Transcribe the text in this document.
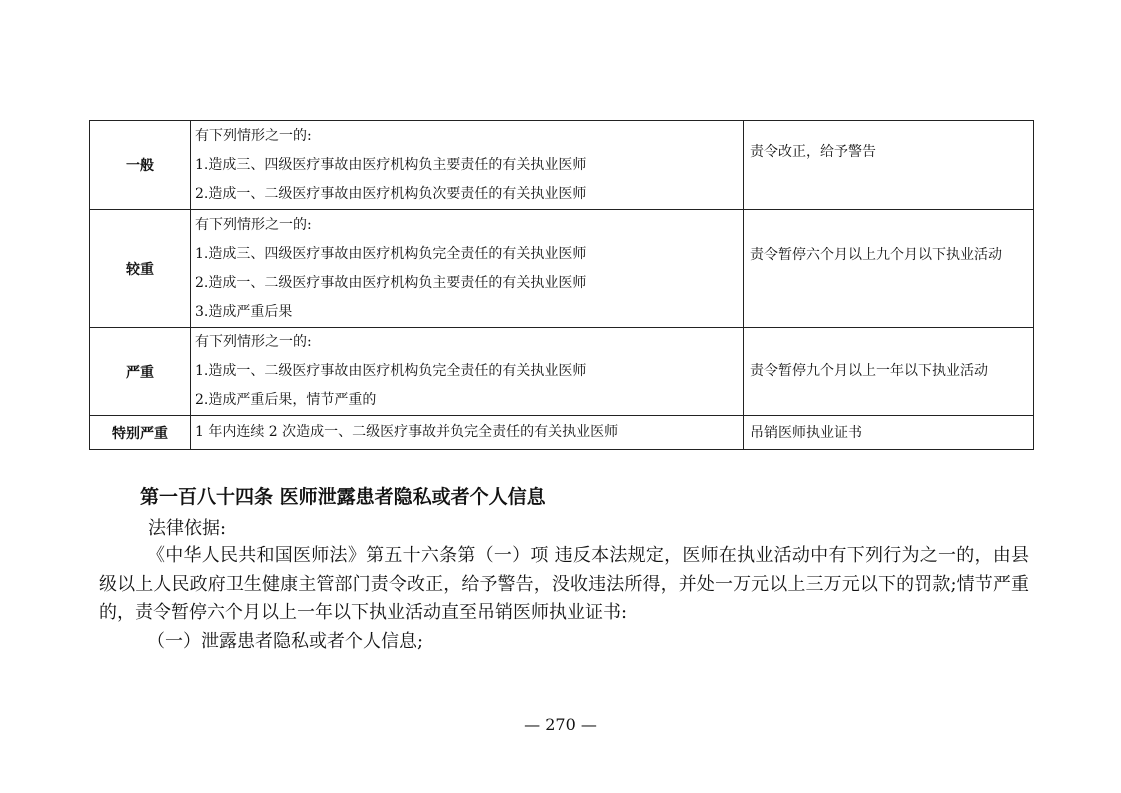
一般	有下列情形之一的:
1.造成三、四级医疗事故由医疗机构负主要责任的有关执业医师
2.造成一、二级医疗事故由医疗机构负次要责任的有关执业医师	责令改正，给予警告
较重	有下列情形之一的:
1.造成三、四级医疗事故由医疗机构负完全责任的有关执业医师
2.造成一、二级医疗事故由医疗机构负主要责任的有关执业医师
3.造成严重后果	责令暂停六个月以上九个月以下执业活动
严重	有下列情形之一的:
1.造成一、二级医疗事故由医疗机构负完全责任的有关执业医师
2.造成严重后果，情节严重的	责令暂停九个月以上一年以下执业活动
特别严重	1 年内连续 2 次造成一、二级医疗事故并负完全责任的有关执业医师	吊销医师执业证书
第一百八十四条 医师泄露患者隐私或者个人信息
法律依据:
《中华人民共和国医师法》第五十六条第（一）项 违反本法规定，医师在执业活动中有下列行为之一的，由县级以上人民政府卫生健康主管部门责令改正，给予警告，没收违法所得，并处一万元以上三万元以下的罚款;情节严重的，责令暂停六个月以上一年以下执业活动直至吊销医师执业证书:
（一）泄露患者隐私或者个人信息;
— 270 —
